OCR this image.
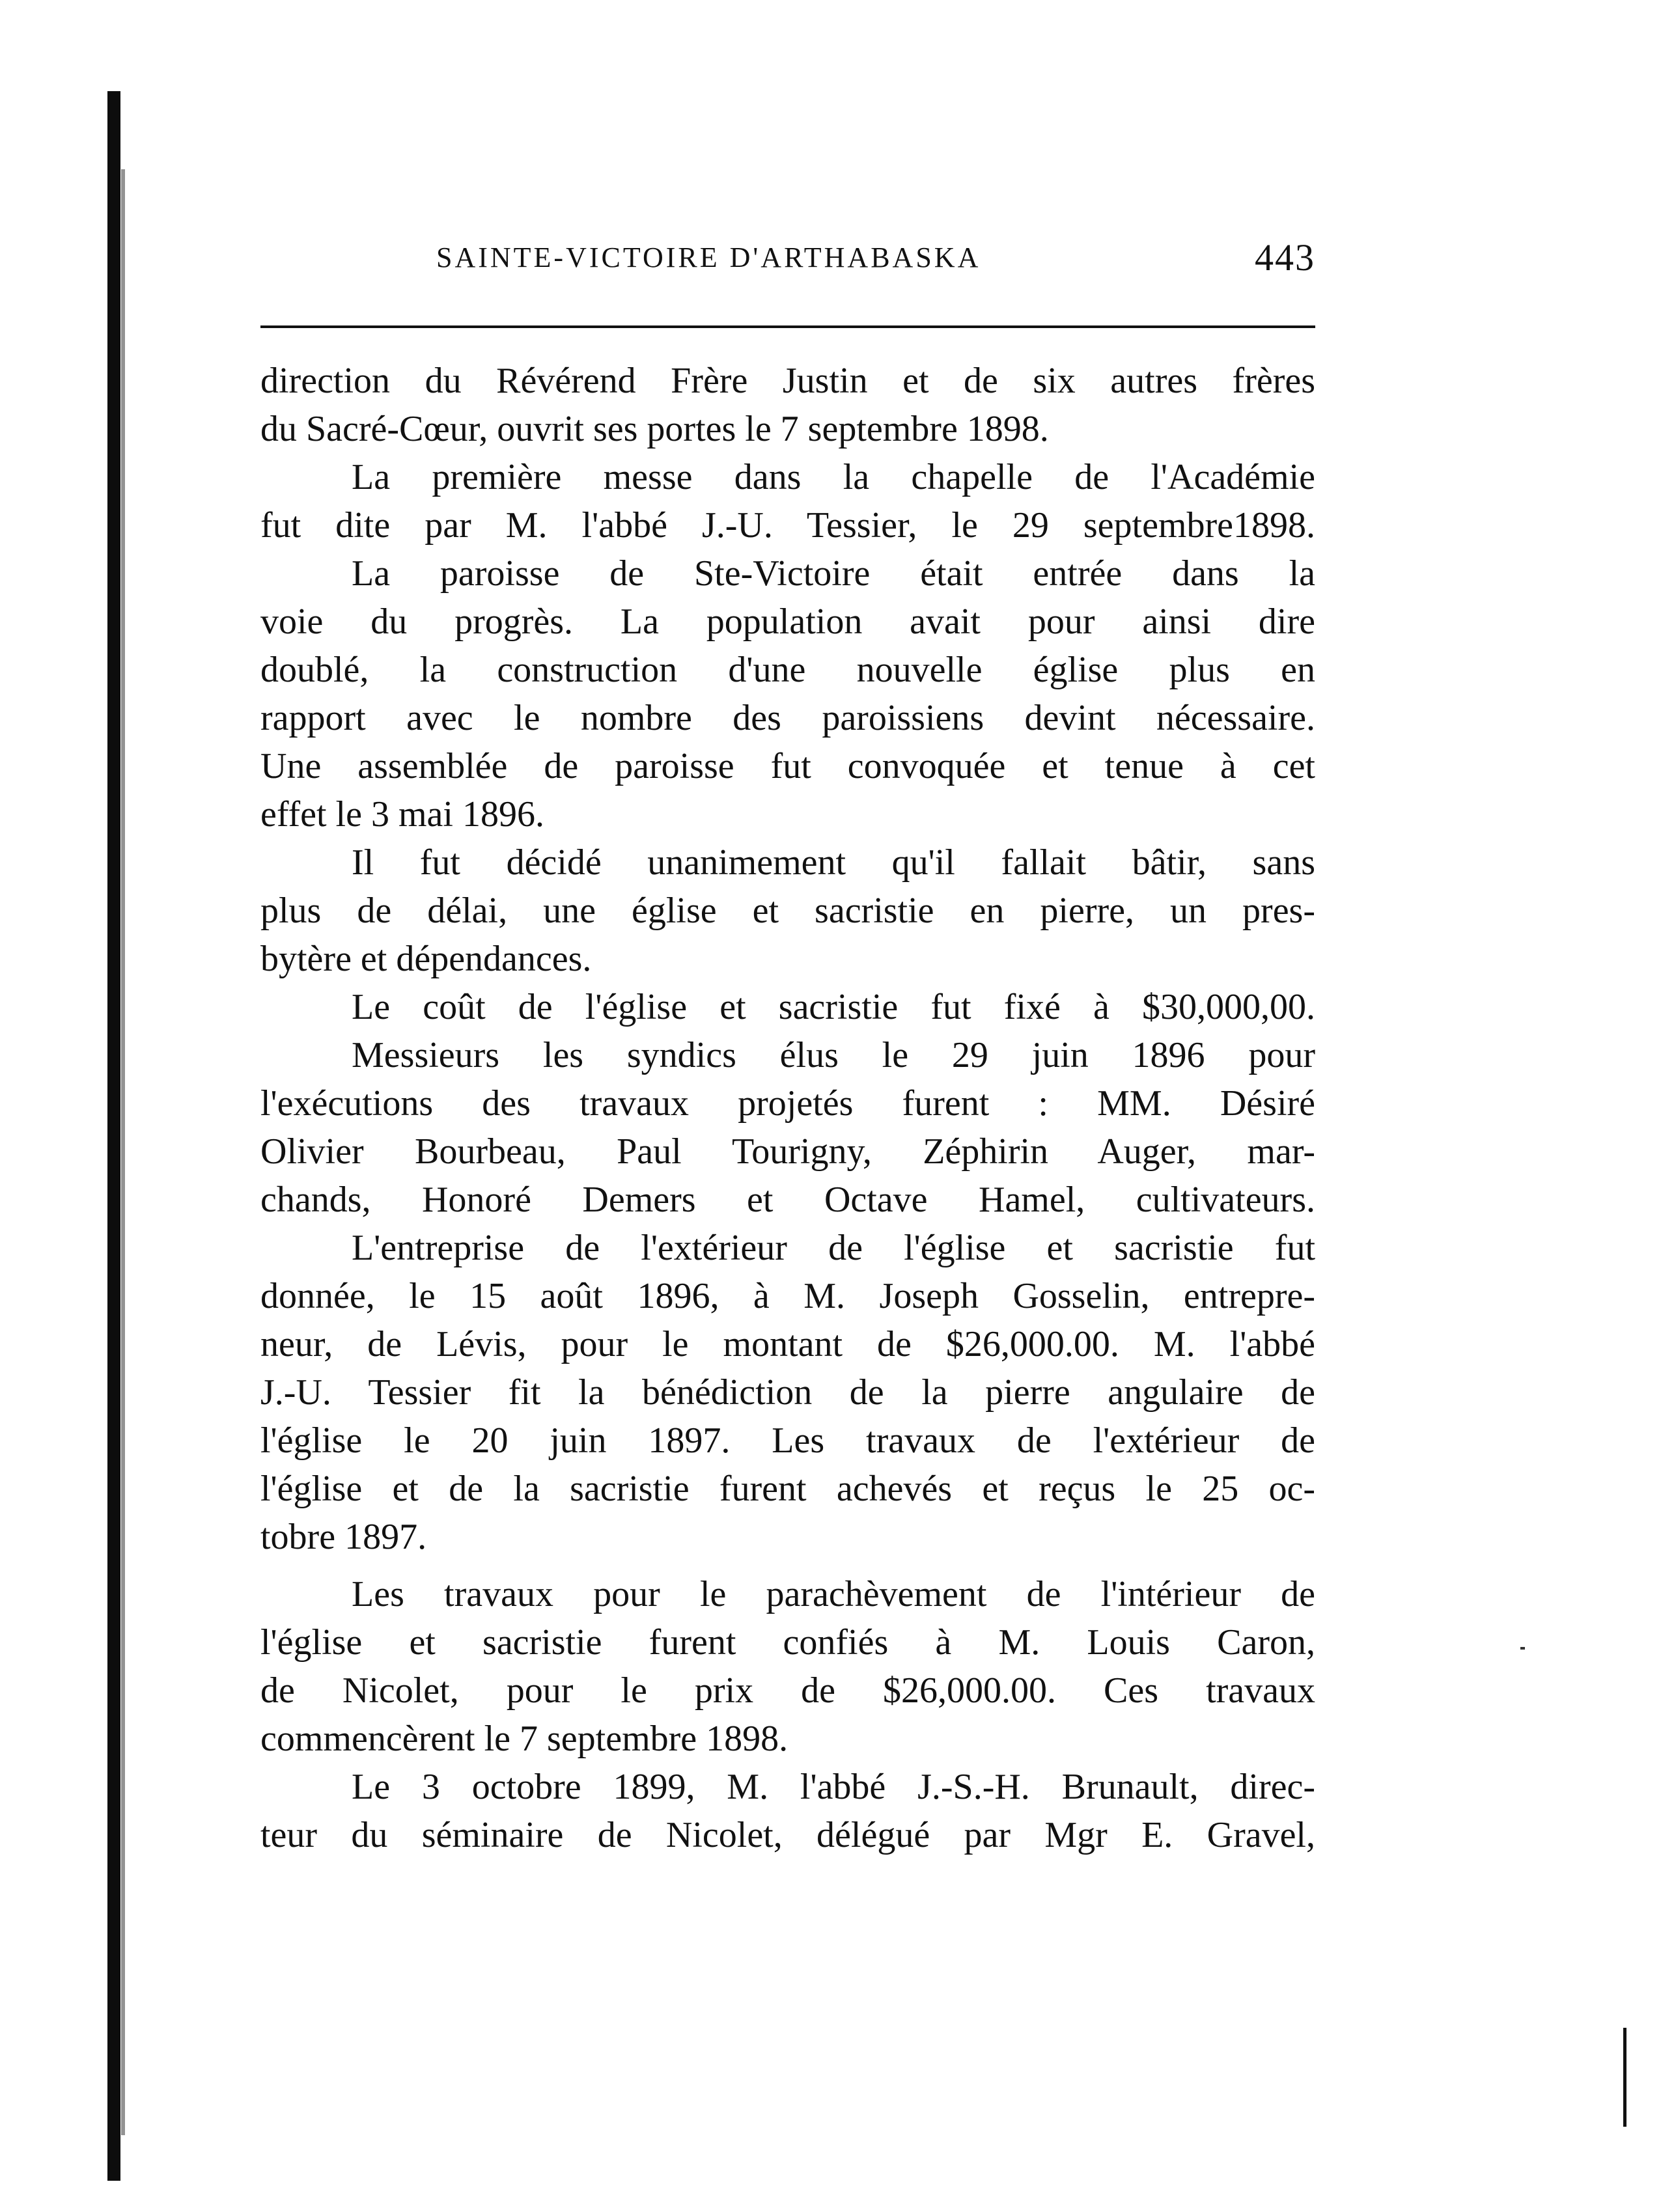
SAINTE-VICTOIRE D'ARTHABASKA	443
direction du Révérend Frère Justin et de six autres frères
du Sacré-Cœur, ouvrit ses portes le 7 septembre 1898.
La première messe dans la chapelle de l'Académie
fut dite par M. l'abbé J.-U. Tessier, le 29 septembre1898.
La paroisse de Ste-Victoire était entrée dans la
voie du progrès. La population avait pour ainsi dire
doublé, la construction d'une nouvelle église plus en
rapport avec le nombre des paroissiens devint nécessaire.
Une assemblée de paroisse fut convoquée et tenue à cet
effet le 3 mai 1896.
Il fut décidé unanimement qu'il fallait bâtir, sans
plus de délai, une église et sacristie en pierre, un pres-
bytère et dépendances.
Le coût de l'église et sacristie fut fixé à $30,000,00.
Messieurs les syndics élus le 29 juin 1896 pour
l'exécutions des travaux projetés furent : MM. Désiré
Olivier Bourbeau, Paul Tourigny, Zéphirin Auger, mar-
chands, Honoré Demers et Octave Hamel, cultivateurs.
L'entreprise de l'extérieur de l'église et sacristie fut
donnée, le 15 août 1896, à M. Joseph Gosselin, entrepre-
neur, de Lévis, pour le montant de $26,000.00. M. l'abbé
J.-U. Tessier fit la bénédiction de la pierre angulaire de
l'église le 20 juin 1897. Les travaux de l'extérieur de
l'église et de la sacristie furent achevés et reçus le 25 oc-
tobre 1897.
Les travaux pour le parachèvement de l'intérieur de
l'église et sacristie furent confiés à M. Louis Caron,
de Nicolet, pour le prix de $26,000.00. Ces travaux
commencèrent le 7 septembre 1898.
Le 3 octobre 1899, M. l'abbé J.-S.-H. Brunault, direc-
teur du séminaire de Nicolet, délégué par Mgr E. Gravel,
